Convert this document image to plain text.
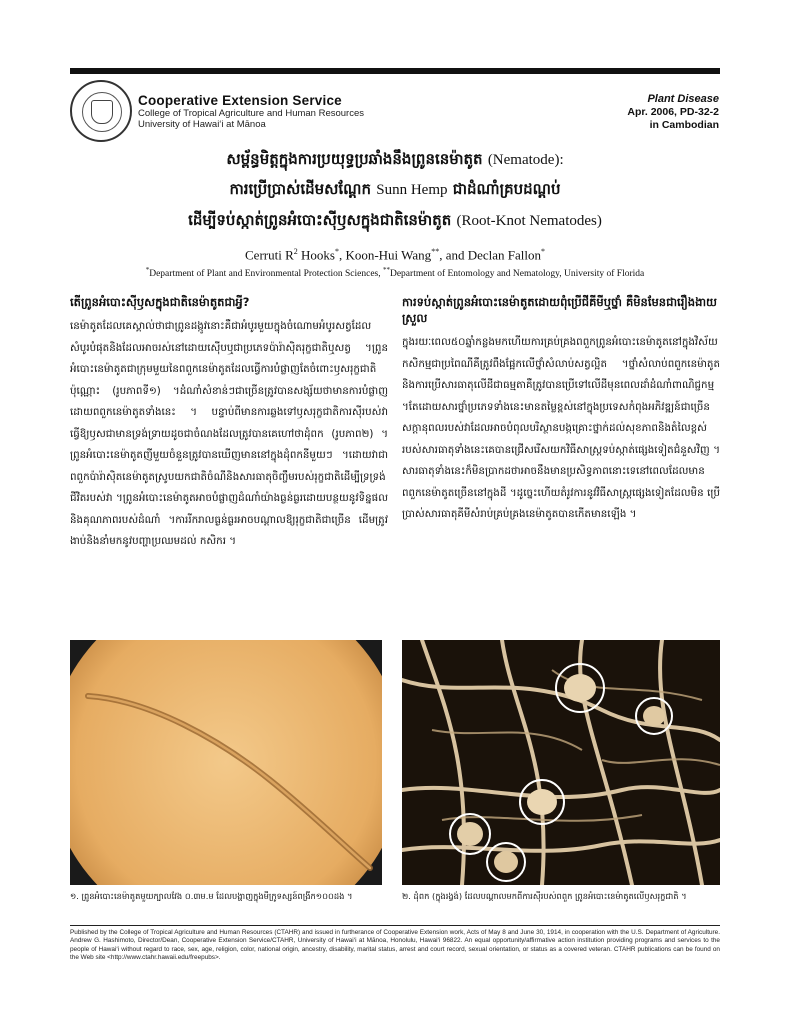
Cooperative Extension Service
College of Tropical Agriculture and Human Resources
University of Hawai‘i at Mānoa
Plant Disease
Apr. 2006, PD-32-2
in Cambodian
សម្ព័ន្ធមិត្តក្នុងការប្រយុទ្ធប្រឆាំងនឹងព្រូននេម៉ាតូត (Nematode):
ការប្រើប្រាស់ដើមសណ្តែក Sunn Hemp ជាដំណាំគ្របដណ្តប់
ដើម្បីទប់ស្កាត់ព្រូនអំបោះស៊ីឫសក្នុងជាតិនេម៉ាតូត (Root-Knot Nematodes)
Cerruti $R^2$ Hooks*, Koon-Hui Wang**, and Declan Fallon*
*Department of Plant and Environmental Protection Sciences, **Department of Entomology and Nematology, University of Florida
តើព្រូនអំបោះស៊ីឫសក្នុងជាតិនេម៉ាតូតជាអ្វី?

នេម៉ាតូតដែលគេស្គាល់ថាជាព្រូនដង្កូវនោះគឺជាអំបូរមួយក្នុងចំណោមអំបូរសត្វដែលសំបូរបំផុតនិងដែលអាចរស់នៅដោយស៊ើបឬជាប្រភេទប៉ារ៉ាស៊ិតរុក្ខជាតិឬសត្វ ។ព្រូនអំបោះនេម៉ាតូតជាក្រុមមួយនៃពពួកនេម៉ាតូតដែលធ្វើការបំផ្លាញតែចំពោះឫសរុក្ខជាតិប៉ុណ្ណោះ (រូបភាពទី១) ។ដំណាំសំខាន់ៗជាច្រើនត្រូវបានសង្ស័យថាមានការបំផ្លាញដោយពពួកនេម៉ាតូតទាំងនេះ ។ បន្ទាប់ពីមានការឆ្លងទៅឫសរុក្ខជាតិការស៊ីរបស់វាធ្វើឱ្យឫសជាមានទ្រង់ទ្រាយដូចជាចំណងដែលត្រូវបានគេហៅថាដុំពក (រូបភាព២) ។ព្រូនអំបោះនេម៉ាតូតញីមួយចំនួនត្រូវបានឃើញមាននៅក្នុងដុំពកនីមួយៗ ។ដោយវាជាពពួកប៉ារ៉ាស៊ិតនេម៉ាតូតស្រូបយកជាតិចំណីនិងសារធាតុចិញ្ចឹមរបស់រុក្ខជាតិដើម្បីទ្រទ្រង់ជីវិតរបស់វា ។ព្រូនអំបោះនេម៉ាតូតអាចបំផ្លាញដំណាំយ៉ាងធ្ងន់ធ្ងរដោយបន្ថយនូវទិន្នផលនិងគុណភាពរបស់ដំណាំ ។ការរីករាលធ្ងន់ធ្ងរអាចបណ្តាលឱ្យរុក្ខជាតិជាច្រើន ដើមត្រូវងាប់និងនាំមកនូវបញ្ហាប្រឈមដល់ កសិករ ។

ការទប់ស្កាត់ព្រូនអំបោះនេម៉ាតូតដោយពុំប្រើជីគីមីឬថ្នាំ គឺមិនមែនជារឿងងាយស្រួល

ក្នុងរយៈពេល៥០ឆ្នាំកន្លងមកហើយការគ្រប់គ្រងពពួកព្រូនអំបោះនេម៉ាតូតនៅក្នុងវិស័យកសិកម្មជាប្រពៃណីគឺត្រូវពឹងផ្អែកលើថ្នាំសំលាប់សត្វល្អិត ។ថ្នាំសំលាប់ពពួកនេម៉ាតូតនិងការប្រើសារធាតុលើដីជាធម្មតាគឺត្រូវបានប្រើទៅលើដីមុនពេលដាំដំណាំពាណិជ្ជកម្ម ។តែដោយសារថ្នាំប្រភេទទាំងនេះមានតម្លៃខ្ពស់នៅក្នុងប្រទេសកំពុងអភិវឌ្ឍន៍ជាច្រើនសក្តានុពលរបស់វាដែលអាចបំពុលបរិស្ថានបង្កគ្រោះថ្នាក់ដល់សុខភាពនិងតំលៃខ្ពស់របស់សារធាតុទាំងនេះគេបានជ្រើសរើសយកវិធីសាស្ត្រទប់ស្កាត់ផ្សេងទៀតជំនួសវិញ ។សារធាតុទាំងនេះក៏មិនប្រាកដថាអាចនឹងមានប្រសិទ្ធភាពនោះទេនៅពេលដែលមានពពួកនេម៉ាតូតច្រើននៅក្នុងដី ។ដូច្នេះហើយតំរូវការនូវវិធីសាស្ត្រផ្សេងទៀតដែលមិន ប្រើប្រាស់សារធាតុគីមីសំរាប់គ្រប់គ្រងនេម៉ាតូតបានកើតមានឡើង ។

១. ព្រូនអំបោះនេម៉ាតូតមួយក្បាលវែង ០.៣ម.ម ដែលបង្ហាញក្នុងមីក្រូទស្សន៍ពង្រីក១០០ដង ។	២. ដុំពក (ក្នុងរង្វង់) ដែលបណ្តាលមកពីការស៊ីរបស់ពពួក ព្រូនអំបោះនេម៉ាតូតលើឫសរុក្ខជាតិ ។
Published by the College of Tropical Agriculture and Human Resources (CTAHR) and issued in furtherance of Cooperative Extension work, Acts of May 8 and June 30, 1914, in cooperation with the U.S. Department of Agriculture. Andrew G. Hashimoto, Director/Dean, Cooperative Extension Service/CTAHR, University of Hawai‘i at Mānoa, Honolulu, Hawai‘i 96822. An equal opportunity/affirmative action institution providing programs and services to the people of Hawai‘i without regard to race, sex, age, religion, color, national origin, ancestry, disability, marital status, arrest and court record, sexual orientation, or status as a covered veteran. CTAHR publications can be found on the Web site <http://www.ctahr.hawaii.edu/freepubs>.
